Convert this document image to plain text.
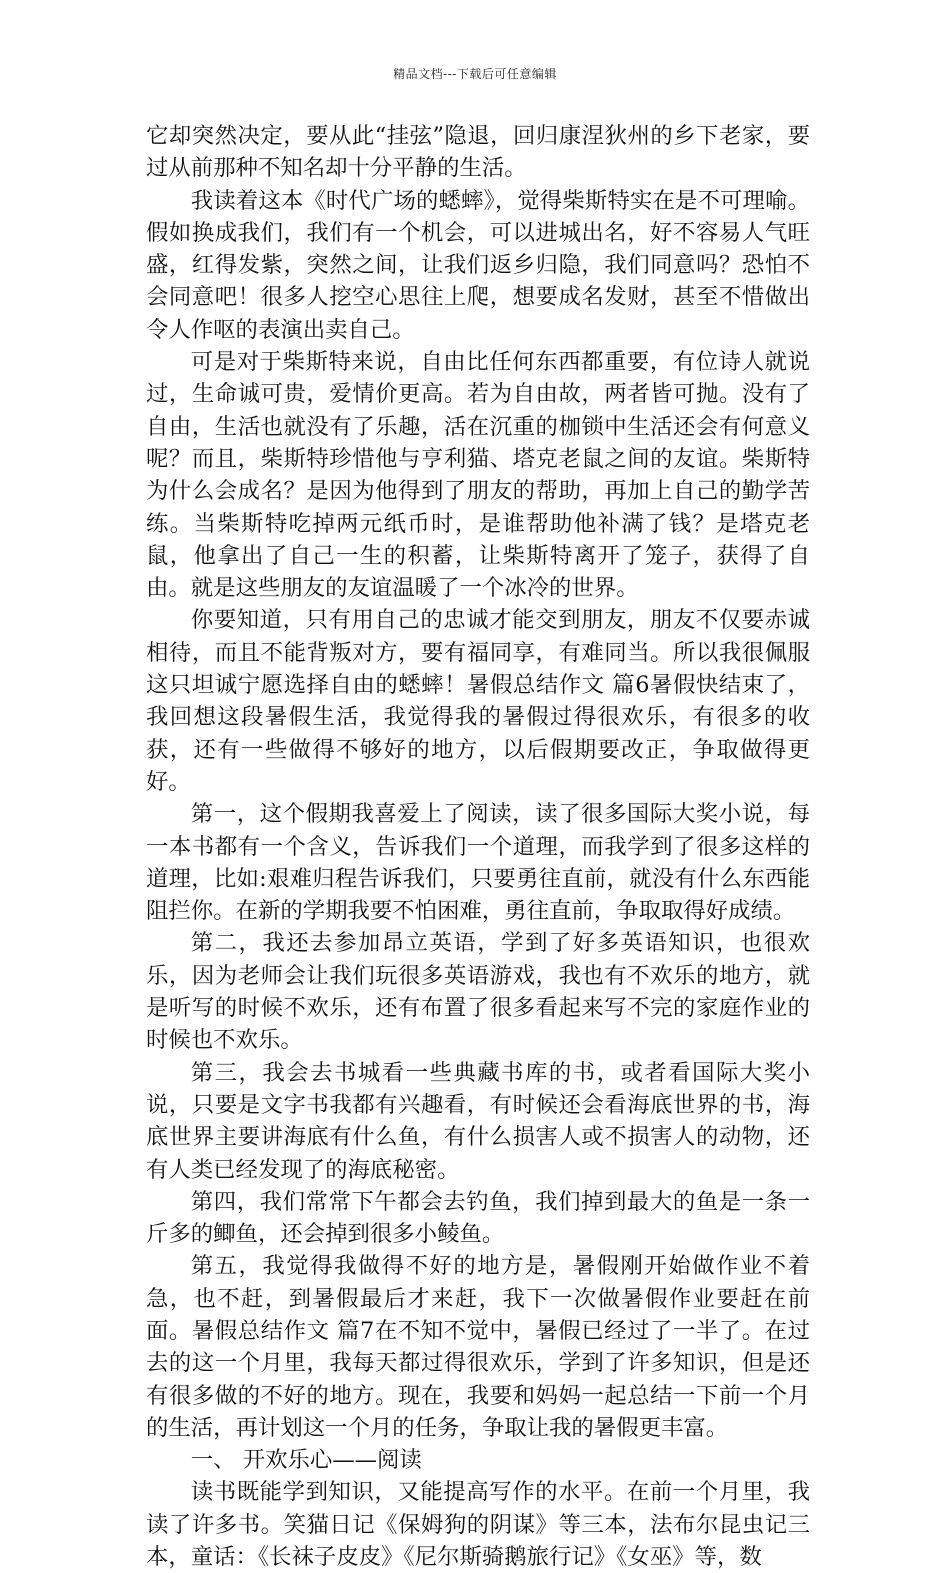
精品文档---下载后可任意编辑

它却突然决定，要从此“挂弦”隐退，回归康涅狄州的乡下老家，要过从前那种不知名却十分平静的生活。

我读着这本《时代广场的蟋蟀》，觉得柴斯特实在是不可理喻。假如换成我们，我们有一个机会，可以进城出名，好不容易人气旺盛，红得发紫，突然之间，让我们返乡归隐，我们同意吗？恐怕不会同意吧！很多人挖空心思往上爬，想要成名发财，甚至不惜做出令人作呕的表演出卖自己。

可是对于柴斯特来说，自由比任何东西都重要，有位诗人就说过，生命诚可贵，爱情价更高。若为自由故，两者皆可抛。没有了自由，生活也就没有了乐趣，活在沉重的枷锁中生活还会有何意义呢？而且，柴斯特珍惜他与亨利猫、塔克老鼠之间的友谊。柴斯特为什么会成名？是因为他得到了朋友的帮助，再加上自己的勤学苦练。当柴斯特吃掉两元纸币时，是谁帮助他补满了钱？是塔克老鼠，他拿出了自己一生的积蓄，让柴斯特离开了笼子，获得了自由。就是这些朋友的友谊温暖了一个冰冷的世界。

你要知道，只有用自己的忠诚才能交到朋友，朋友不仅要赤诚相待，而且不能背叛对方，要有福同享，有难同当。所以我很佩服这只坦诚宁愿选择自由的蟋蟀！暑假总结作文 篇6暑假快结束了，我回想这段暑假生活，我觉得我的暑假过得很欢乐，有很多的收获，还有一些做得不够好的地方，以后假期要改正，争取做得更好。

第一，这个假期我喜爱上了阅读，读了很多国际大奖小说，每一本书都有一个含义，告诉我们一个道理，而我学到了很多这样的道理，比如:艰难归程告诉我们，只要勇往直前，就没有什么东西能阻拦你。在新的学期我要不怕困难，勇往直前，争取取得好成绩。

第二，我还去参加昂立英语，学到了好多英语知识，也很欢乐，因为老师会让我们玩很多英语游戏，我也有不欢乐的地方，就是听写的时候不欢乐，还有布置了很多看起来写不完的家庭作业的时候也不欢乐。

第三，我会去书城看一些典藏书库的书，或者看国际大奖小说，只要是文字书我都有兴趣看，有时候还会看海底世界的书，海底世界主要讲海底有什么鱼，有什么损害人或不损害人的动物，还有人类已经发现了的海底秘密。

第四，我们常常下午都会去钓鱼，我们掉到最大的鱼是一条一斤多的鲫鱼，还会掉到很多小鲮鱼。

第五，我觉得我做得不好的地方是，暑假刚开始做作业不着急，也不赶，到暑假最后才来赶，我下一次做暑假作业要赶在前面。暑假总结作文 篇7在不知不觉中，暑假已经过了一半了。在过去的这一个月里，我每天都过得很欢乐，学到了许多知识，但是还有很多做的不好的地方。现在，我要和妈妈一起总结一下前一个月的生活，再计划这一个月的任务，争取让我的暑假更丰富。

一、 开欢乐心——阅读

读书既能学到知识，又能提高写作的水平。在前一个月里，我读了许多书。笑猫日记《保姆狗的阴谋》等三本，法布尔昆虫记三本，童话：《长袜子皮皮》《尼尔斯骑鹅旅行记》《女巫》等，数
